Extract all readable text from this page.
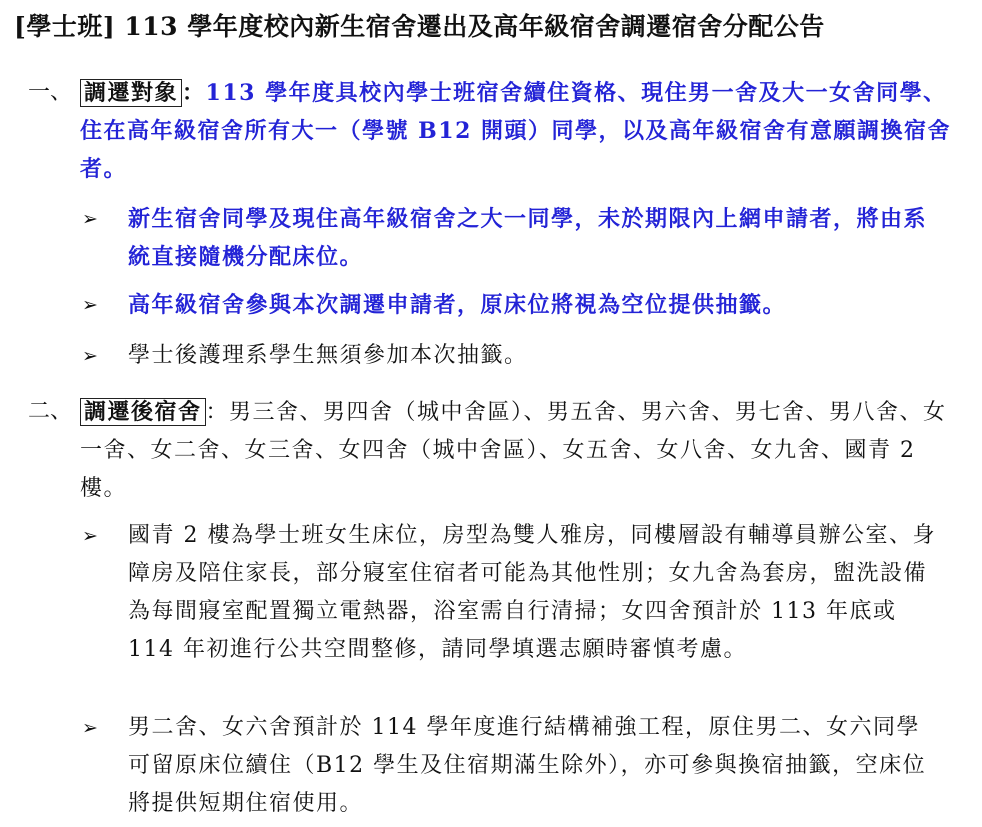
[學士班] 113 學年度校內新生宿舍遷出及高年級宿舍調遷宿舍分配公告
一、 調遷對象 ：113 學年度具校內學士班宿舍續住資格、現住男一舍及大一女舍同學、住在高年級宿舍所有大一（學號 B12 開頭）同學，以及高年級宿舍有意願調換宿舍者。
➢ 新生宿舍同學及現住高年級宿舍之大一同學，未於期限內上網申請者，將由系統直接隨機分配床位。
➢ 高年級宿舍參與本次調遷申請者，原床位將視為空位提供抽籤。
➢ 學士後護理系學生無須參加本次抽籤。
二、 調遷後宿舍 ：男三舍、男四舍（城中舍區）、男五舍、男六舍、男七舍、男八舍、女一舍、女二舍、女三舍、女四舍（城中舍區）、女五舍、女八舍、女九舍、國青 2 樓。
➢ 國青 2 樓為學士班女生床位，房型為雙人雅房，同樓層設有輔導員辦公室、身障房及陪住家長，部分寢室住宿者可能為其他性別；女九舍為套房，盥洗設備為每間寢室配置獨立電熱器，浴室需自行清掃；女四舍預計於 113 年底或 114 年初進行公共空間整修，請同學填選志願時審慎考慮。
➢ 男二舍、女六舍預計於 114 學年度進行結構補強工程，原住男二、女六同學可留原床位續住（B12 學生及住宿期滿生除外），亦可參與換宿抽籤，空床位將提供短期住宿使用。
